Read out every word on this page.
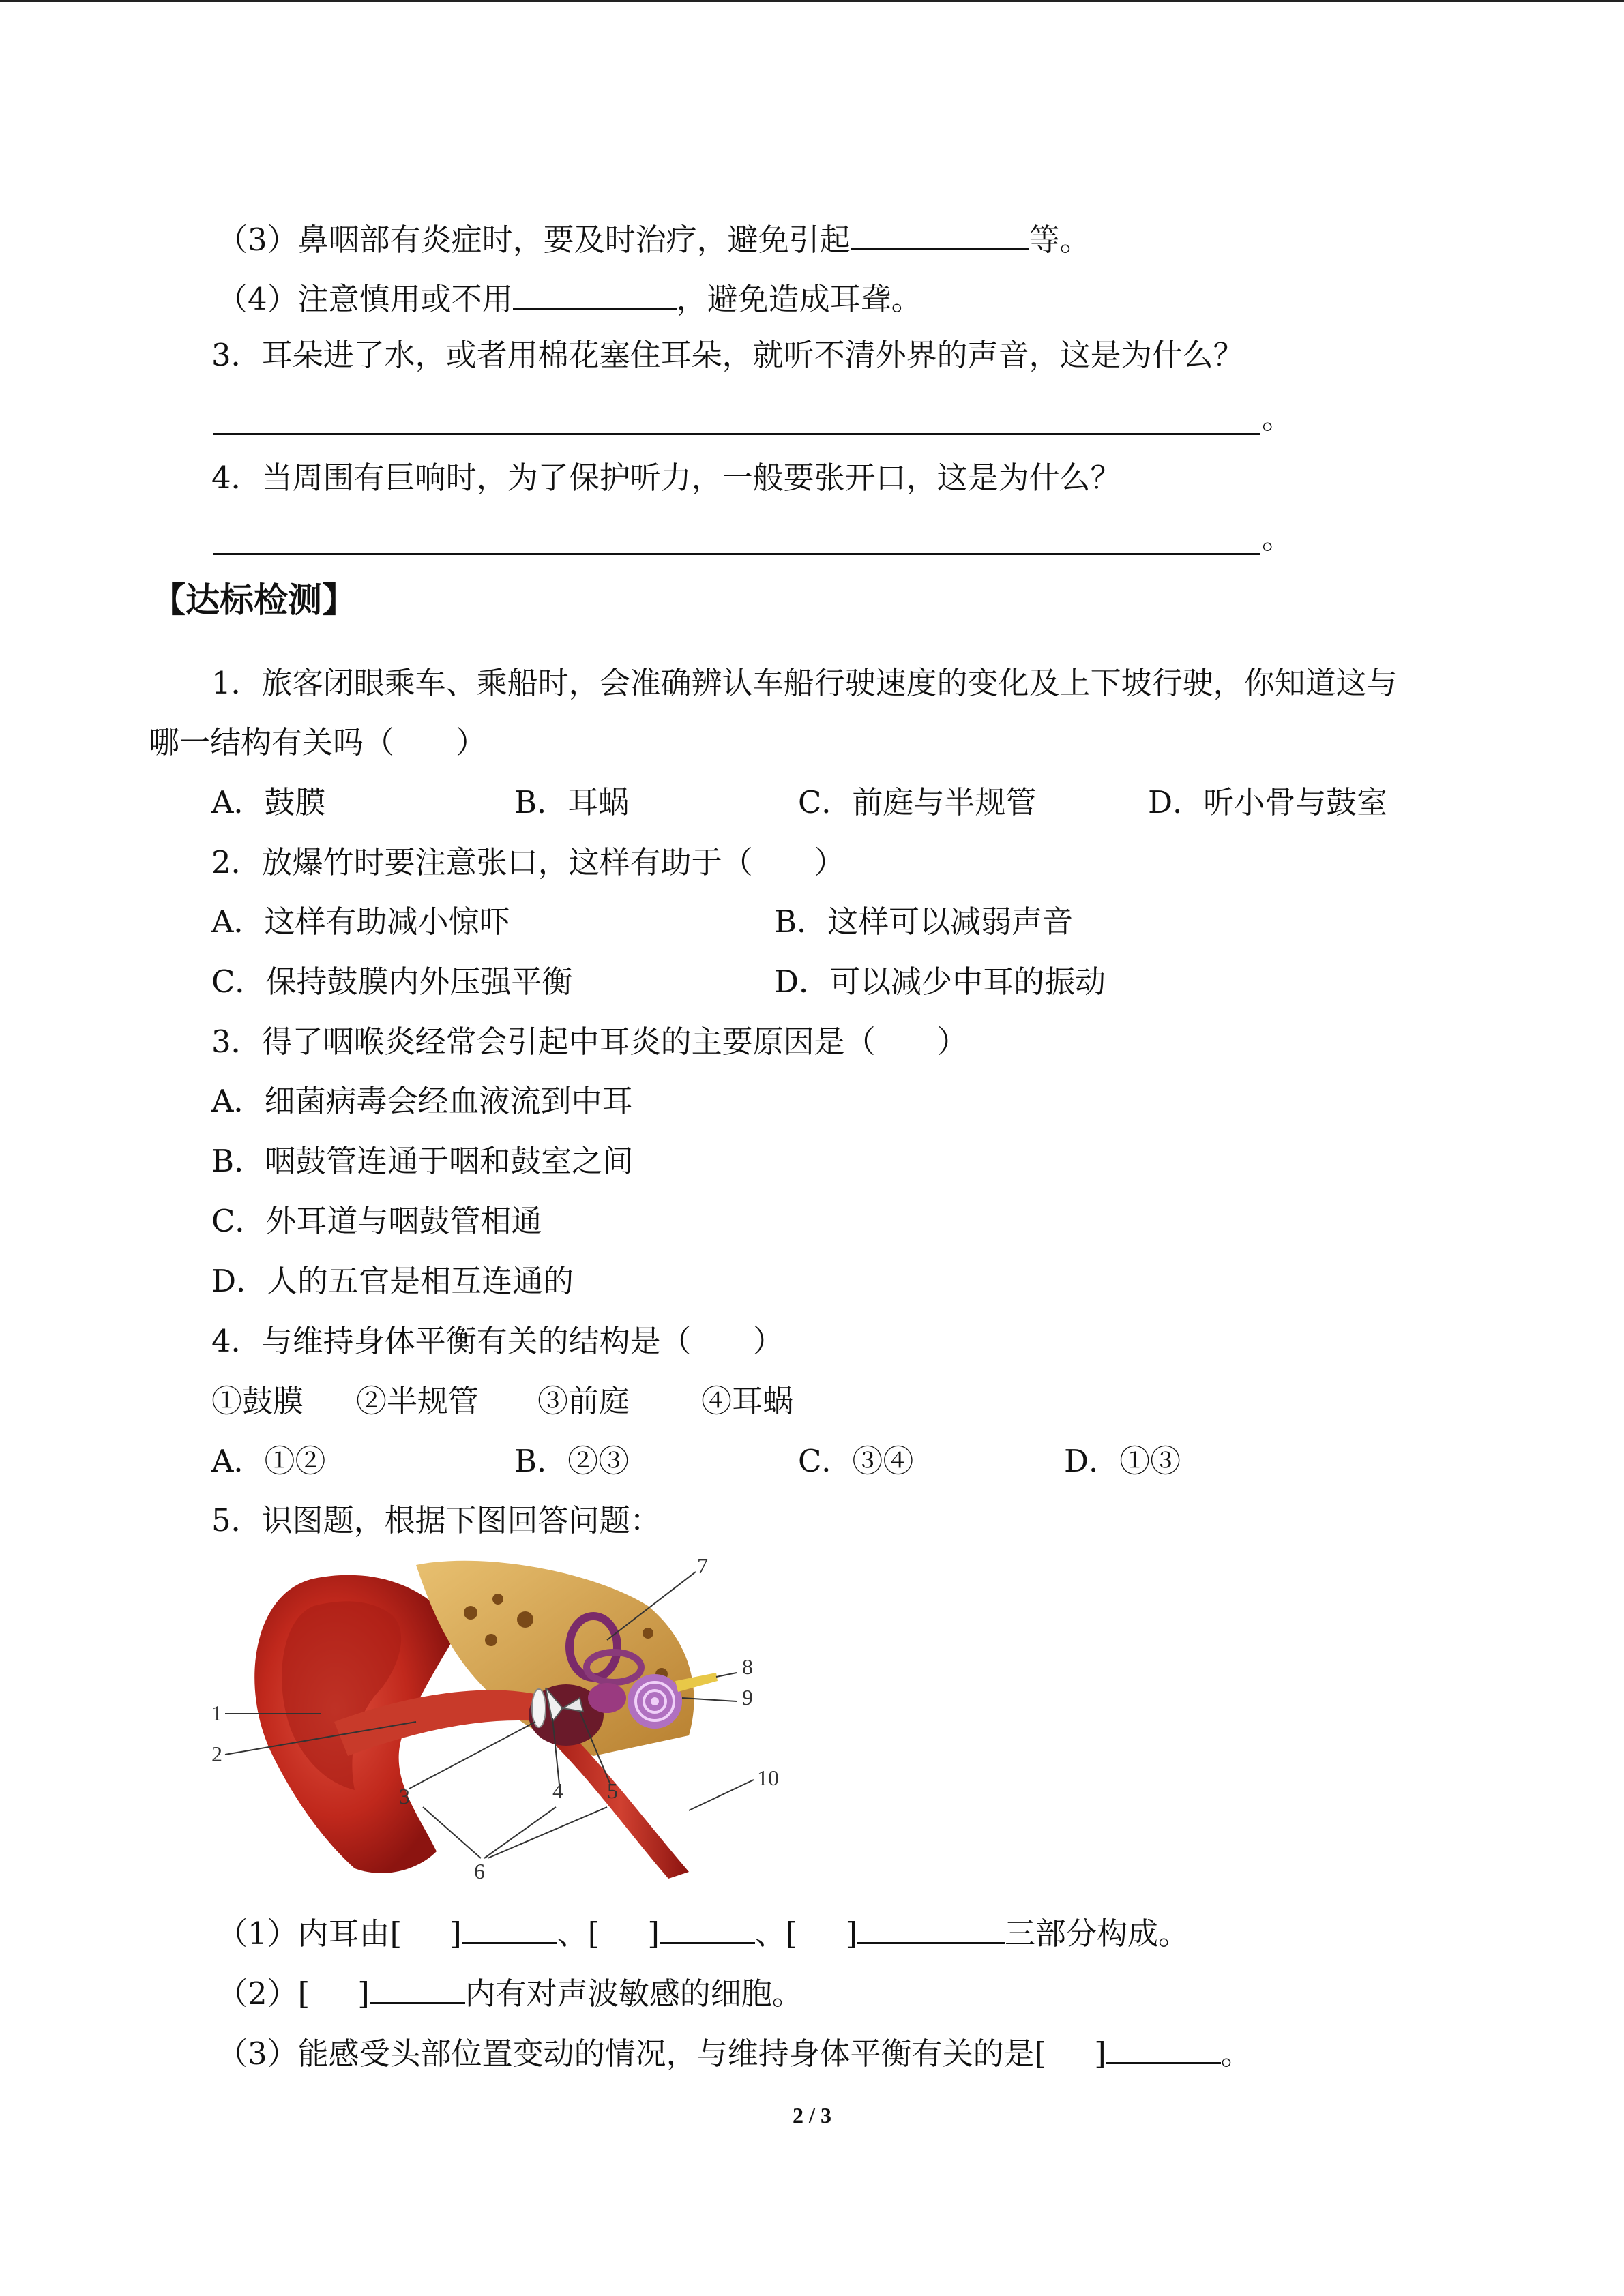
（3）鼻咽部有炎症时，要及时治疗，避免引起	等。
（4）注意慎用或不用	，避免造成耳聋。
3．耳朵进了水，或者用棉花塞住耳朵，就听不清外界的声音，这是为什么？
。
4．当周围有巨响时，为了保护听力，一般要张开口，这是为什么？
。
【达标检测】
1．旅客闭眼乘车、乘船时，会准确辨认车船行驶速度的变化及上下坡行驶，你知道这与
哪一结构有关吗（　　）
A．鼓膜	B．耳蜗	C．前庭与半规管	D．听小骨与鼓室
2．放爆竹时要注意张口，这样有助于（　　）
A．这样有助减小惊吓	B．这样可以减弱声音
C．保持鼓膜内外压强平衡	D．可以减少中耳的振动
3．得了咽喉炎经常会引起中耳炎的主要原因是（　　）
A．细菌病毒会经血液流到中耳
B．咽鼓管连通于咽和鼓室之间
C．外耳道与咽鼓管相通
D．人的五官是相互连通的
4．与维持身体平衡有关的结构是（　　）
①鼓膜 ②半规管 ③前庭 ④耳蜗
A．①②	B．②③	C．③④	D．①③
5．识图题，根据下图回答问题：
1
2
3	4 5
6
7
8
9
10
（1）内耳由[ ]	、[ ]	、[ ]	三部分构成。
（2）[ ]	内有对声波敏感的细胞。
（3）能感受头部位置变动的情况，与维持身体平衡有关的是[ ]	。
2 / 3
